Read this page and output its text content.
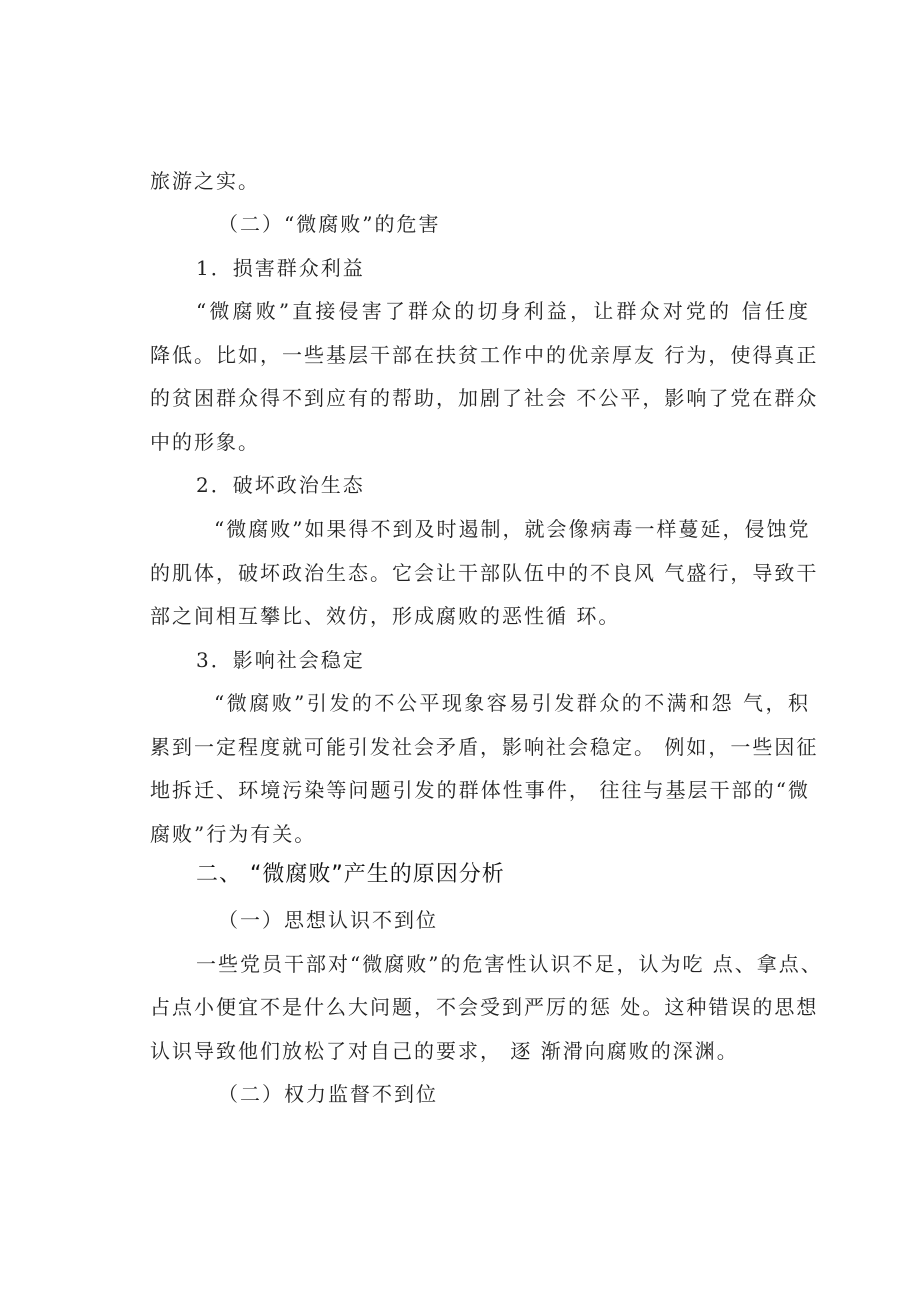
旅游之实。
（二）“微腐败”的危害
1．损害群众利益
“微腐败”直接侵害了群众的切身利益，让群众对党的 信任度
降低。比如，一些基层干部在扶贫工作中的优亲厚友 行为，使得真正
的贫困群众得不到应有的帮助，加剧了社会 不公平，影响了党在群众
中的形象。
2．破坏政治生态
“微腐败”如果得不到及时遏制，就会像病毒一样蔓延，侵蚀党
的肌体，破坏政治生态。它会让干部队伍中的不良风 气盛行，导致干
部之间相互攀比、效仿，形成腐败的恶性循 环。
3．影响社会稳定
“微腐败”引发的不公平现象容易引发群众的不满和怨 气，积
累到一定程度就可能引发社会矛盾，影响社会稳定。 例如，一些因征
地拆迁、环境污染等问题引发的群体性事件， 往往与基层干部的“微
腐败”行为有关。
二、 “微腐败”产生的原因分析
（一）思想认识不到位
一些党员干部对“微腐败”的危害性认识不足，认为吃 点、拿点、
占点小便宜不是什么大问题，不会受到严厉的惩 处。这种错误的思想
认识导致他们放松了对自己的要求， 逐 渐滑向腐败的深渊。
（二）权力监督不到位
